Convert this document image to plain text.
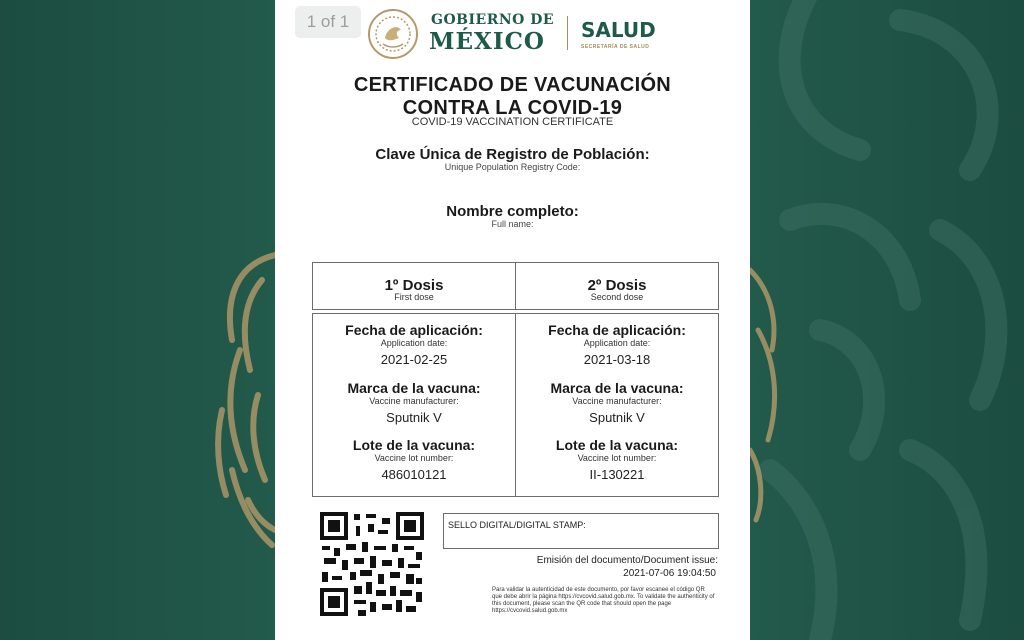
1 of 1	GOBIERNO DE
MÉXICO SALUD
SECRETARÍA DE SALUD
CERTIFICADO DE VACUNACIÓN
CONTRA LA COVID-19
COVID-19 VACCINATION CERTIFICATE
Clave Única de Registro de Población:
Unique Population Registry Code:
Nombre completo:
Full name:
1º Dosis
First dose
2º Dosis
Second dose
Fecha de aplicación:
Application date:
2021-02-25
Marca de la vacuna:
Vaccine manufacturer:
Sputnik V
Lote de la vacuna:
Vaccine lot number:
486010121
Fecha de aplicación:
Application date:
2021-03-18
Marca de la vacuna:
Vaccine manufacturer:
Sputnik V
Lote de la vacuna:
Vaccine lot number:
II-130221
SELLO DIGITAL/DIGITAL STAMP:
Emisión del documento/Document issue:
2021-07-06 19:04:50
Para validar la autenticidad de este documento, por favor escanee el código QR que debe abrir la página https://cvcovid.salud.gob.mx. To validate the authenticity of this document, please scan the QR code that should open the page https://cvcovid.salud.gob.mx
